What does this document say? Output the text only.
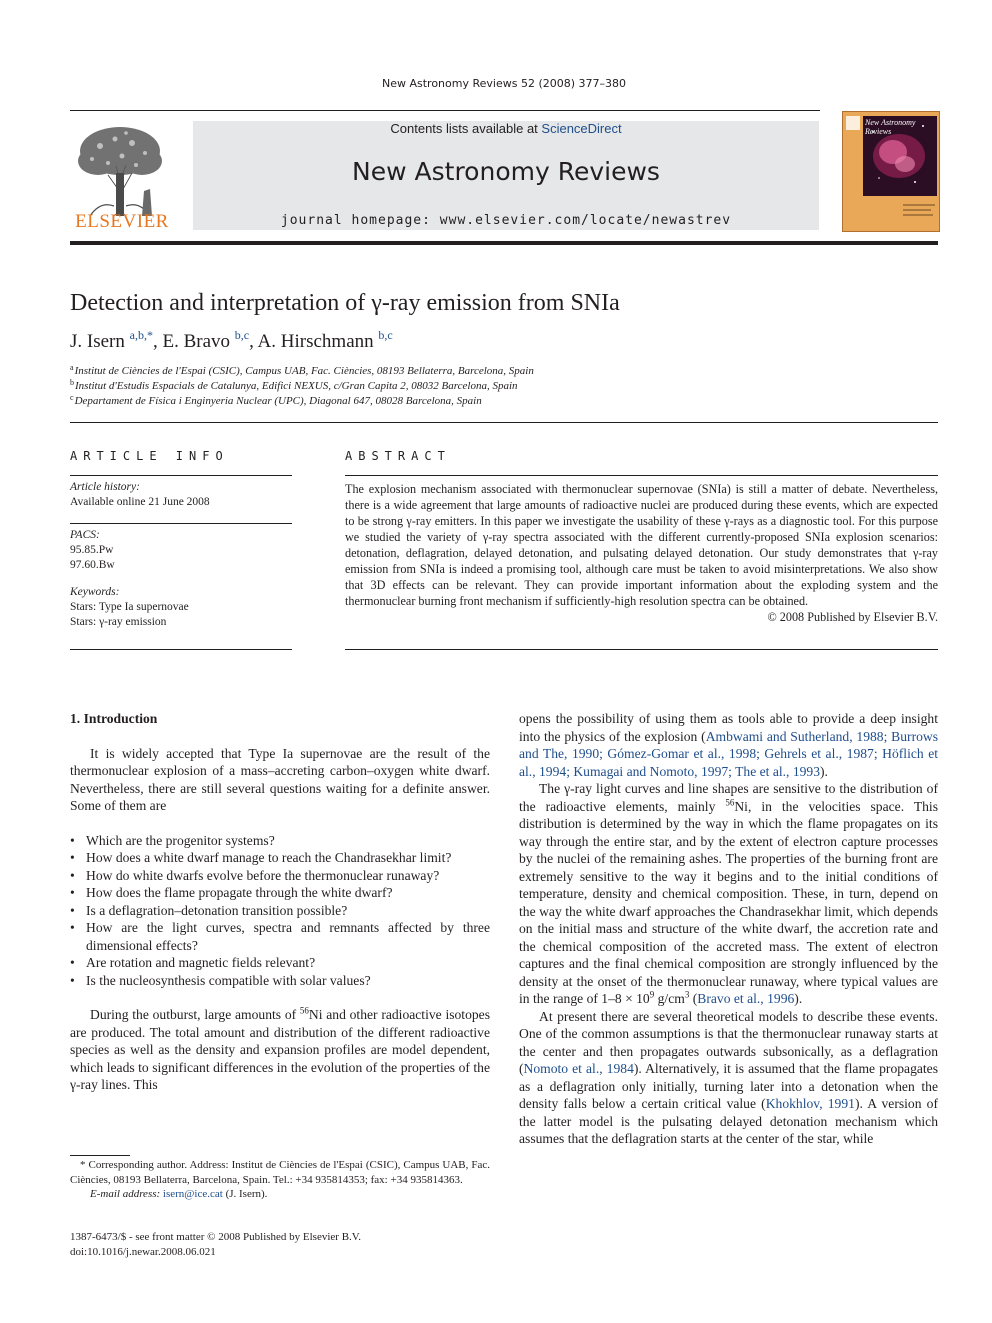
New Astronomy Reviews 52 (2008) 377–380
ELSEVIER
Contents lists available at ScienceDirect
New Astronomy Reviews
journal homepage: www.elsevier.com/locate/newastrev
New Astronomy Reviews
Detection and interpretation of γ-ray emission from SNIa
J. Isern $^{a,b,*}$, E. Bravo $^{b,c}$, A. Hirschmann $^{b,c}$
$^a$Institut de Ciències de l'Espai (CSIC), Campus UAB, Fac. Ciències, 08193 Bellaterra, Barcelona, Spain
$^b$Institut d'Estudis Espacials de Catalunya, Edifici NEXUS, c/Gran Capita 2, 08032 Barcelona, Spain
$^c$Departament de Física i Enginyeria Nuclear (UPC), Diagonal 647, 08028 Barcelona, Spain
ARTICLE INFO
Article history:
Available online 21 June 2008
PACS:
95.85.Pw
97.60.Bw
Keywords:
Stars: Type Ia supernovae
Stars: γ-ray emission
ABSTRACT
The explosion mechanism associated with thermonuclear supernovae (SNIa) is still a matter of debate. Nevertheless, there is a wide agreement that large amounts of radioactive nuclei are produced during these events, which are expected to be strong γ-ray emitters. In this paper we investigate the usability of these γ-rays as a diagnostic tool. For this purpose we studied the variety of γ-ray spectra associated with the different currently-proposed SNIa explosion scenarios: detonation, deflagration, delayed detonation, and pulsating delayed detonation. Our study demonstrates that γ-ray emission from SNIa is indeed a promising tool, although care must be taken to avoid misinterpretations. We also show that 3D effects can be relevant. They can provide important information about the exploding system and the thermonuclear burning front mechanism if sufficiently-high resolution spectra can be obtained.
© 2008 Published by Elsevier B.V.

1. Introduction

It is widely accepted that Type Ia supernovae are the result of the thermonuclear explosion of a mass–accreting carbon–oxygen white dwarf. Nevertheless, there are still several questions waiting for a definite answer. Some of them are

• Which are the progenitor systems?
• How does a white dwarf manage to reach the Chandrasekhar limit?
• How do white dwarfs evolve before the thermonuclear runaway?
• How does the flame propagate through the white dwarf?
• Is a deflagration–detonation transition possible?
• How are the light curves, spectra and remnants affected by three dimensional effects?
• Are rotation and magnetic fields relevant?
• Is the nucleosynthesis compatible with solar values?

During the outburst, large amounts of $^{56}$Ni and other radioactive isotopes are produced. The total amount and distribution of the different radioactive species as well as the density and expansion profiles are model dependent, which leads to significant differences in the evolution of the properties of the γ-ray lines. This

* Corresponding author. Address: Institut de Ciències de l'Espai (CSIC), Campus UAB, Fac. Ciències, 08193 Bellaterra, Barcelona, Spain. Tel.: +34 935814353; fax: +34 935814363.
E-mail address: isern@ice.cat (J. Isern).
1387-6473/$ - see front matter © 2008 Published by Elsevier B.V.
doi:10.1016/j.newar.2008.06.021

opens the possibility of using them as tools able to provide a deep insight into the physics of the explosion (Ambwami and Sutherland, 1988; Burrows and The, 1990; Gómez-Gomar et al., 1998; Gehrels et al., 1987; Höflich et al., 1994; Kumagai and Nomoto, 1997; The et al., 1993).

The γ-ray light curves and line shapes are sensitive to the distribution of the radioactive elements, mainly $^{56}$Ni, in the velocities space. This distribution is determined by the way in which the flame propagates on its way through the entire star, and by the extent of electron capture processes by the nuclei of the remaining ashes. The properties of the burning front are extremely sensitive to the way it begins and to the initial conditions of temperature, density and chemical composition. These, in turn, depend on the way the white dwarf approaches the Chandrasekhar limit, which depends on the initial mass and structure of the white dwarf, the accretion rate and the chemical composition of the accreted mass. The extent of electron captures and the final chemical composition are strongly influenced by the density at the onset of the thermonuclear runaway, where typical values are in the range of $1-8 \times 10^9$ $g/cm^3$ (Bravo et al., 1996).

At present there are several theoretical models to describe these events. One of the common assumptions is that the thermonuclear runaway starts at the center and then propagates outwards subsonically, as a deflagration (Nomoto et al., 1984). Alternatively, it is assumed that the flame propagates as a deflagration only initially, turning later into a detonation when the density falls below a certain critical value (Khokhlov, 1991). A version of the latter model is the pulsating delayed detonation mechanism which assumes that the deflagration starts at the center of the star, while
